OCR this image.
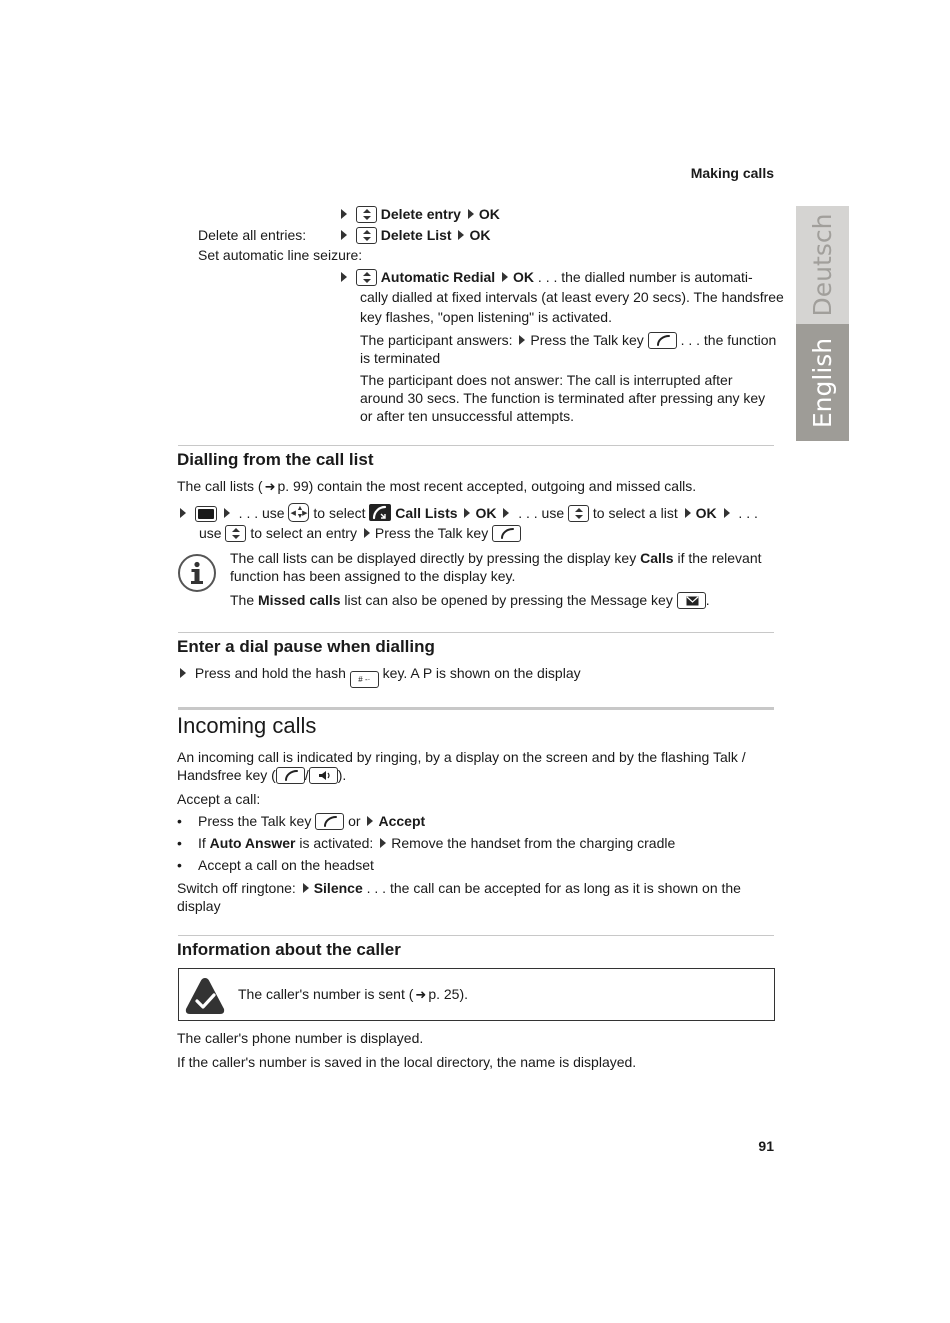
Making calls
Deutsch
English
Delete entry OK
Delete all entries:	Delete List OK
Set automatic line seizure:
Automatic Redial OK . . . the dialled number is automati-
cally dialled at fixed intervals (at least every 20 secs). The handsfree
key flashes, "open listening" is activated.
The participant answers: Press the Talk key	. . . the function
is terminated
The participant does not answer: The call is interrupted after
around 30 secs. The function is terminated after pressing any key
or after ten unsuccessful attempts.
Dialling from the call list
The call lists ( ➜ p. 99) contain the most recent accepted, outgoing and missed calls.
. . . use ▲
▼
◀ ▶ to select Call Lists OK . . . use to select a list OK . . .
use to select an entry Press the Talk key
The call lists can be displayed directly by pressing the display key Calls if the relevant
function has been assigned to the display key.
The Missed calls list can also be opened by pressing the Message key .
Enter a dial pause when dialling
Press and hold the hash # -· key. A P is shown on the display
Incoming calls
An incoming call is indicated by ringing, by a display on the screen and by the flashing Talk /
Handsfree key ( / ).
Accept a call:
• Press the Talk key	or Accept
• If Auto Answer is activated: Remove the handset from the charging cradle
• Accept a call on the headset
Switch off ringtone: Silence . . . the call can be accepted for as long as it is shown on the
display
Information about the caller
The caller's number is sent ( ➜ p. 25).
The caller's phone number is displayed.
If the caller's number is saved in the local directory, the name is displayed.
91
